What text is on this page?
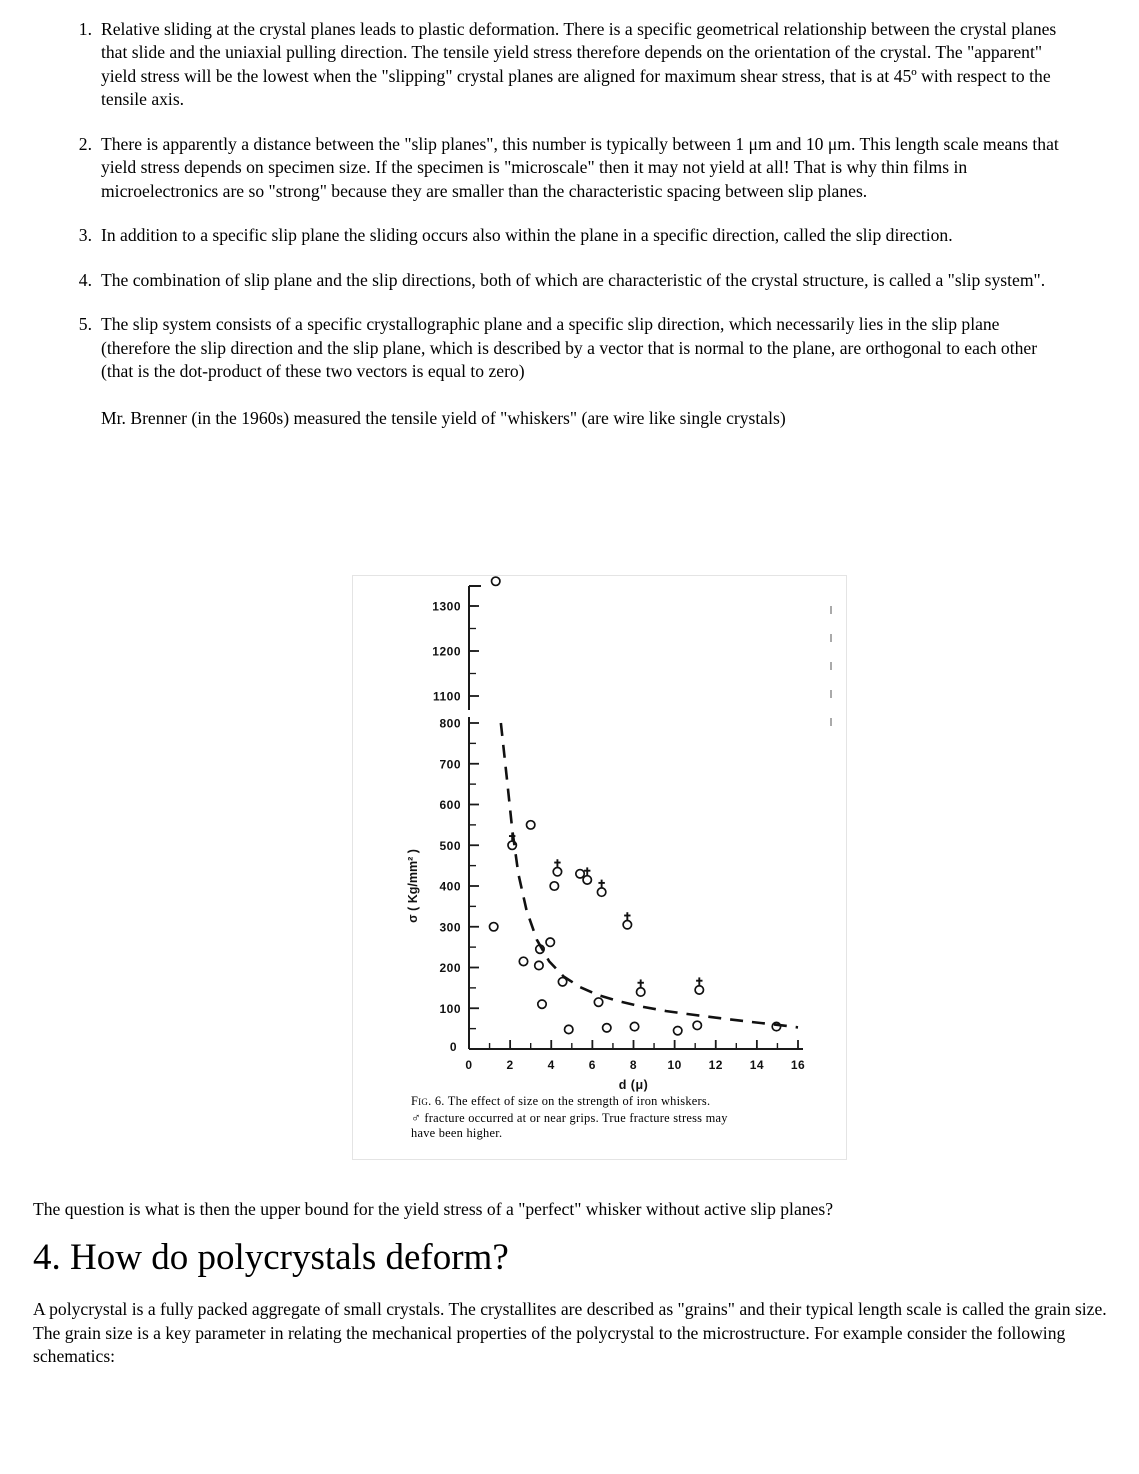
1. Relative sliding at the crystal planes leads to plastic deformation. There is a specific geometrical relationship between the crystal planes that slide and the uniaxial pulling direction. The tensile yield stress therefore depends on the orientation of the crystal. The "apparent" yield stress will be the lowest when the "slipping" crystal planes are aligned for maximum shear stress, that is at 45º with respect to the tensile axis.

2. There is apparently a distance between the "slip planes", this number is typically between 1 μm and 10 μm. This length scale means that yield stress depends on specimen size. If the specimen is "microscale" then it may not yield at all! That is why thin films in microelectronics are so "strong" because they are smaller than the characteristic spacing between slip planes.

3. In addition to a specific slip plane the sliding occurs also within the plane in a specific direction, called the slip direction.

4. The combination of slip plane and the slip directions, both of which are characteristic of the crystal structure, is called a "slip system".

5. The slip system consists of a specific crystallographic plane and a specific slip direction, which necessarily lies in the slip plane (therefore the slip direction and the slip plane, which is described by a vector that is normal to the plane, are orthogonal to each other (that is the dot-product of these two vectors is equal to zero)

Mr. Brenner (in the 1960s) measured the tensile yield of "whiskers" (are wire like single crystals)
0	2	4	6	8	10 12 14 16
0
d (μ)
100
200
300
400
500
600
700
800
1100
1200
1300
σ ( Kg/mm² )
Fig. 6. The effect of size on the strength of iron whiskers.
♂ fracture occurred at or near grips. True fracture stress may
have been higher.
The question is what is then the upper bound for the yield stress of a "perfect" whisker without active slip planes?
4. How do polycrystals deform?
A polycrystal is a fully packed aggregate of small crystals. The crystallites are described as "grains" and their typical length scale is called the grain size. The grain size is a key parameter in relating the mechanical properties of the polycrystal to the microstructure. For example consider the following schematics:
